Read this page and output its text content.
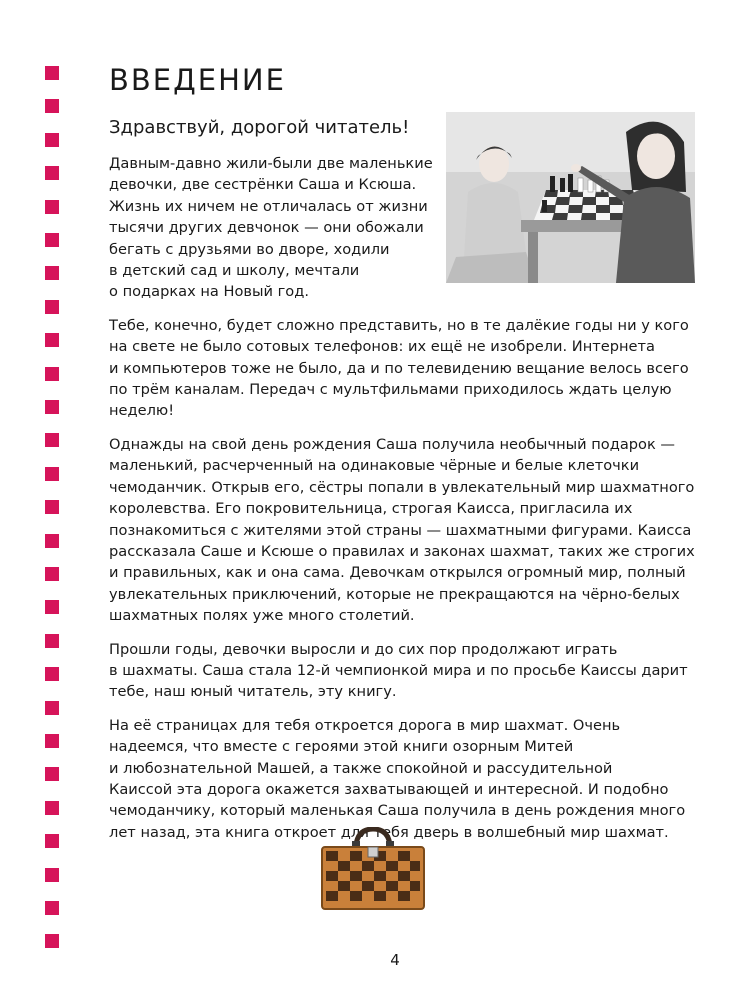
ВВЕДЕНИЕ
Здравствуй, дорогой читатель!

Давным-давно жили-были две маленькие
девочки, две сестрёнки Саша и Ксюша.
Жизнь их ничем не отличалась от жизни
тысячи других девчонок — они обожали
бегать с друзьями во дворе, ходили
в детский сад и школу, мечтали
о подарках на Новый год.

Тебе, конечно, будет сложно представить, но в те далёкие годы ни у кого
на свете не было сотовых телефонов: их ещё не изобрели. Интернета
и компьютеров тоже не было, да и по телевидению вещание велось всего
по трём каналам. Передач с мультфильмами приходилось ждать целую
неделю!

Однажды на свой день рождения Саша получила необычный подарок —
маленький, расчерченный на одинаковые чёрные и белые клеточки
чемоданчик. Открыв его, сёстры попали в увлекательный мир шахматного
королевства. Его покровительница, строгая Каисса, пригласила их
познакомиться с жителями этой страны — шахматными фигурами. Каисса
рассказала Саше и Ксюше о правилах и законах шахмат, таких же строгих
и правильных, как и она сама. Девочкам открылся огромный мир, полный
увлекательных приключений, которые не прекращаются на чёрно-белых
шахматных полях уже много столетий.

Прошли годы, девочки выросли и до сих пор продолжают играть
в шахматы. Саша стала 12-й чемпионкой мира и по просьбе Каиссы дарит
тебе, наш юный читатель, эту книгу.

На её страницах для тебя откроется дорога в мир шахмат. Очень
надеемся, что вместе с героями этой книги озорным Митей
и любознательной Машей, а также спокойной и рассудительной
Каиссой эта дорога окажется захватывающей и интересной. И подобно
чемоданчику, который маленькая Саша получила в день рождения много
лет назад, эта книга откроет для тебя дверь в волшебный мир шахмат.

4
